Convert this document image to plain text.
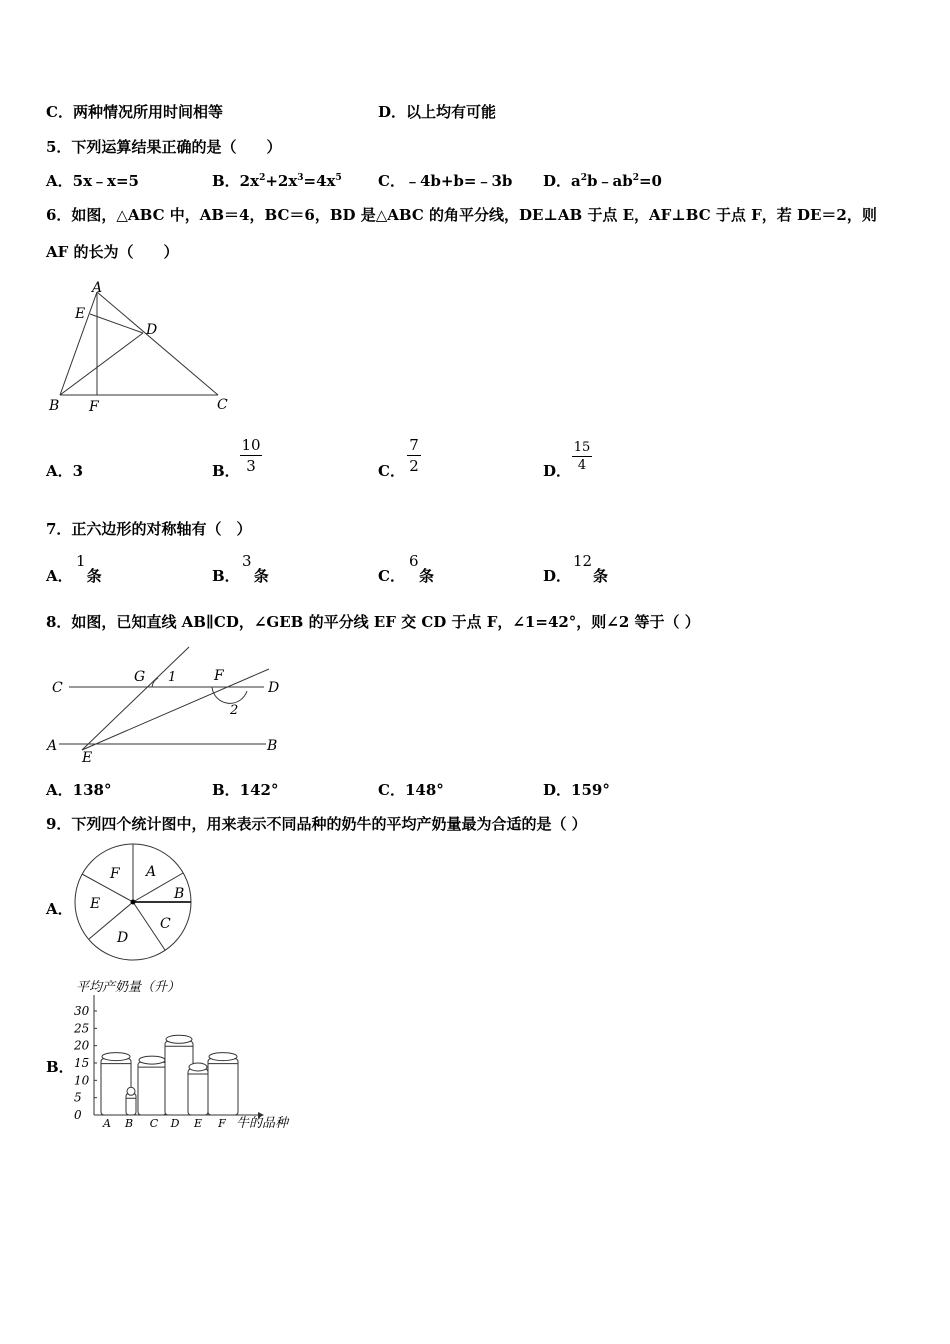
C．两种情况所用时间相等	D．以上均有可能
5．下列运算结果正确的是（　　）
A．5x﹣x=5	B．$2x^2+2x^3=4x^5$ C．﹣4b+b=﹣3b D．$a^2b﹣ab^2=0$
6．如图，△ABC 中，AB＝4，BC＝6，BD 是△ABC 的角平分线，DE⊥AB 于点 E，AF⊥BC 于点 F，若 DE＝2，则
AF 的长为（　　）
A
E
D
B F	C
A．3	B．
10
3	C．
7
2	D．
15
4
7．正六边形的对称轴有（　）
A． 条
1
B． 条
3
C． 条
6
D． 条
12
8．如图，已知直线 AB∥CD，∠GEB 的平分线 EF 交 CD 于点 F，∠1=42°，则∠2 等于（ ）
C
G 1	F
D
2
A
E
B
A．138°	B．142°	C．148°	D．159°
9．下列四个统计图中，用来表示不同品种的奶牛的平均产奶量最为合适的是（ ）
A．
F A
B
E
C
D
B．
平均产奶量（升）
30
25
20
15
10
5
0
A B C D E F 牛的品种
